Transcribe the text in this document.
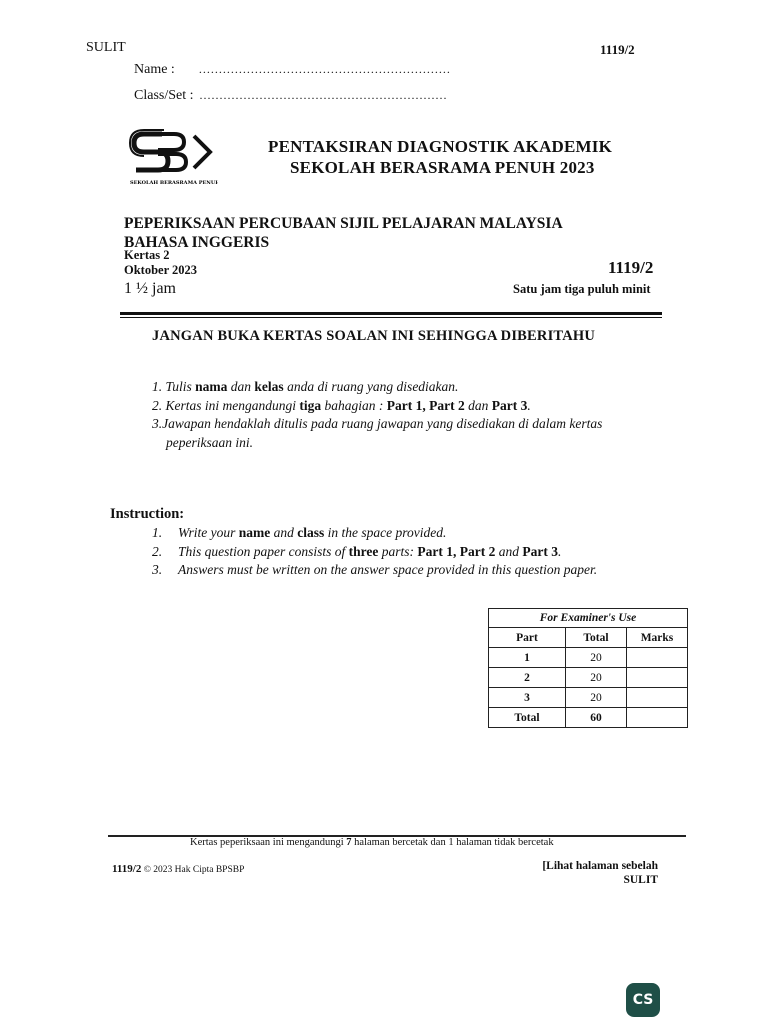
SULIT	1119/2
Name : ...............................................................
Class/Set : ..............................................................
SEKOLAH BERASRAMA PENUH
PENTAKSIRAN DIAGNOSTIK AKADEMIK
SEKOLAH BERASRAMA PENUH 2023
PEPERIKSAAN PERCUBAAN SIJIL PELAJARAN MALAYSIA
BAHASA INGGERIS
Kertas 2
Oktober 2023
1 ½ jam
1119/2
Satu jam tiga puluh minit
JANGAN BUKA KERTAS SOALAN INI SEHINGGA DIBERITAHU
1. Tulis nama dan kelas anda di ruang yang disediakan.
2. Kertas ini mengandungi tiga bahagian : Part 1, Part 2 dan Part 3.
3.Jawapan hendaklah ditulis pada ruang jawapan yang disediakan di dalam kertas
peperiksaan ini.
Instruction:
1. Write your name and class in the space provided.
2. This question paper consists of three parts: Part 1, Part 2 and Part 3.
3. Answers must be written on the answer space provided in this question paper.
For Examiner's Use		
Part	Total	Marks
1	20	
2	20	
3	20	
Total	60	
Kertas peperiksaan ini mengandungi 7 halaman bercetak dan 1 halaman tidak bercetak
1119/2 © 2023 Hak Cipta BPSBP	[Lihat halaman sebelah
SULIT
CS
